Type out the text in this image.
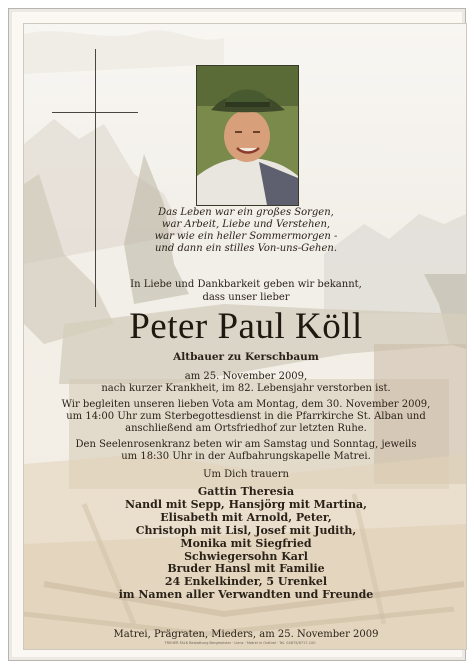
Das Leben war ein großes Sorgen,
war Arbeit, Liebe und Verstehen,
war wie ein heller Sommermorgen -
und dann ein stilles Von-uns-Gehen.
In Liebe und Dankbarkeit geben wir bekannt,
dass unser lieber
Peter Paul Köll
Altbauer zu Kerschbaum
am 25. November 2009,
nach kurzer Krankheit, im 82. Lebensjahr verstorben ist.
Wir begleiten unseren lieben Vota am Montag, dem 30. November 2009,
um 14:00 Uhr zum Sterbegottesdienst in die Pfarrkirche St. Alban und
anschließend am Ortsfriedhof zur letzten Ruhe.
Den Seelenrosenkranz beten wir am Samstag und Sonntag, jeweils
um 18:30 Uhr in der Aufbahrungskapelle Matrei.
Um Dich trauern
Gattin Theresia
Nandl mit Sepp, Hansjörg mit Martina,
Elisabeth mit Arnold, Peter,
Christoph mit Lisl, Josef mit Judith,
Monika mit Siegfried
Schwiegersohn Karl
Bruder Hansl mit Familie
24 Enkelkinder, 5 Urenkel
im Namen aller Verwandten und Freunde
Matrei, Prägraten, Mieders, am 25. November 2009
TREHER FALK Bestattung Bergmeister · Lienz · Matrei in Osttirol · Tel. 04875/6717-100
